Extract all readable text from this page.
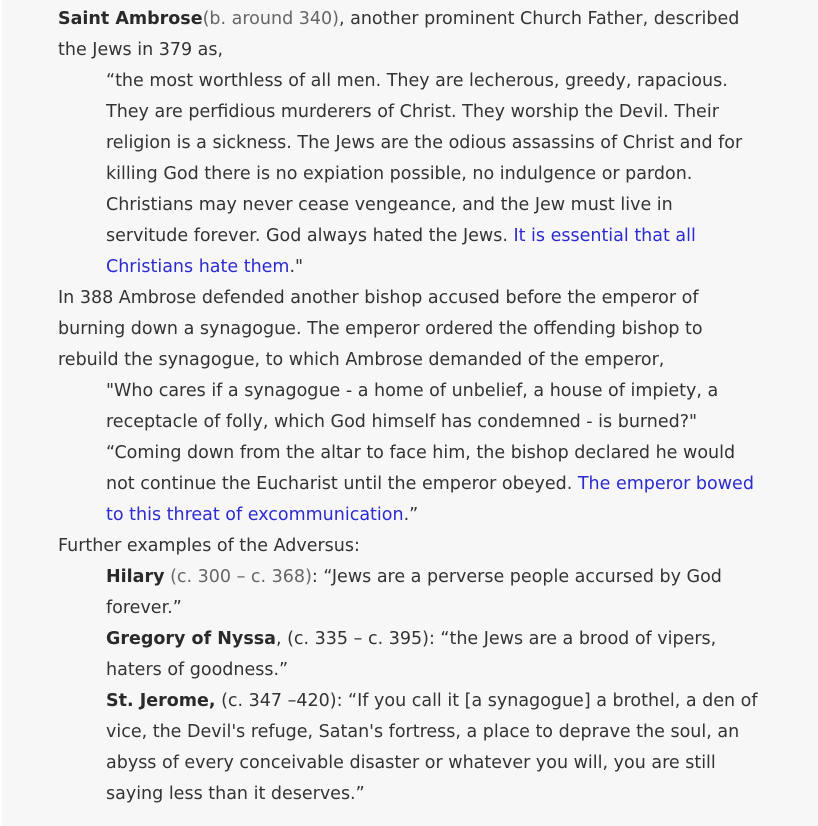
Saint Ambrose(b. around 340), another prominent Church Father, described the Jews in 379 as,

“the most worthless of all men. They are lecherous, greedy, rapacious. They are perfidious murderers of Christ. They worship the Devil. Their religion is a sickness. The Jews are the odious assassins of Christ and for killing God there is no expiation possible, no indulgence or pardon. Christians may never cease vengeance, and the Jew must live in servitude forever. God always hated the Jews. It is essential that all Christians hate them."

In 388 Ambrose defended another bishop accused before the emperor of burning down a synagogue. The emperor ordered the offending bishop to rebuild the synagogue, to which Ambrose demanded of the emperor,

"Who cares if a synagogue - a home of unbelief, a house of impiety, a receptacle of folly, which God himself has condemned - is burned?"

“Coming down from the altar to face him, the bishop declared he would not continue the Eucharist until the emperor obeyed. The emperor bowed to this threat of excommunication.”

Further examples of the Adversus:

Hilary (c. 300 – c. 368): “Jews are a perverse people accursed by God forever.”

Gregory of Nyssa, (c. 335 – c. 395): “the Jews are a brood of vipers, haters of goodness.”

St. Jerome, (c. 347 –420): “If you call it [a synagogue] a brothel, a den of vice, the Devil's refuge, Satan's fortress, a place to deprave the soul, an abyss of every conceivable disaster or whatever you will, you are still saying less than it deserves.”
